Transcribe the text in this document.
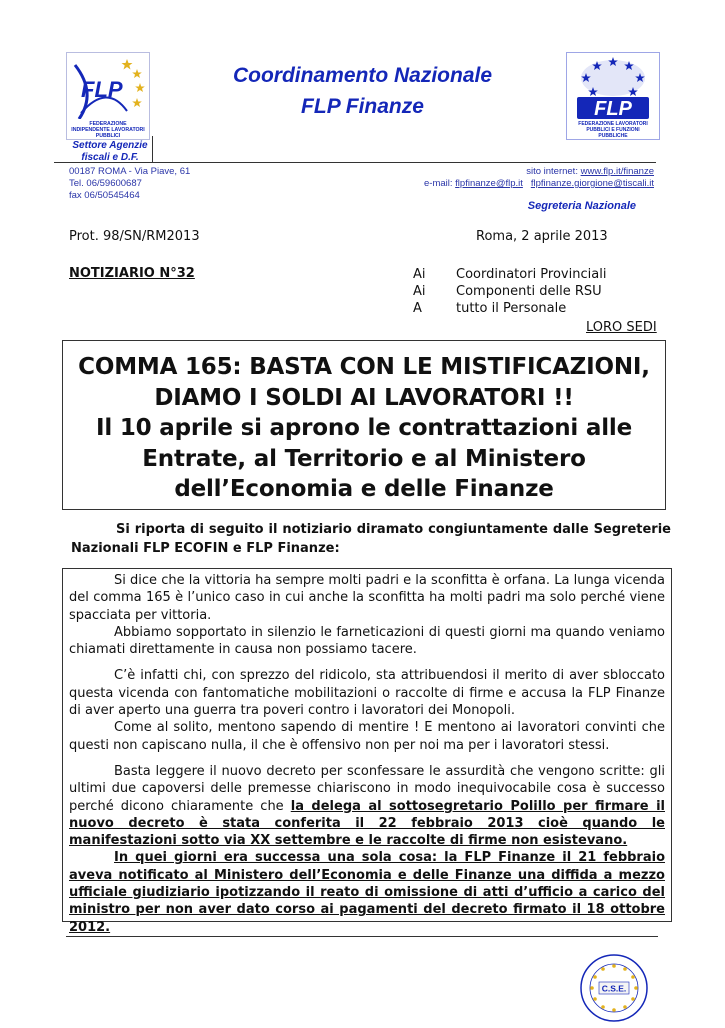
FLP
FEDERAZIONE INDIPENDENTE LAVORATORI PUBBLICI
Coordinamento Nazionale
FLP Finanze	FLP
FEDERAZIONE LAVORATORI PUBBLICI E FUNZIONI PUBBLICHE
Settore Agenzie
fiscali e D.F.
00187 ROMA - Via Piave, 61
Tel. 06/59600687
fax 06/50545464
sito internet: www.flp.it/finanze
e-mail: flpfinanze@flp.it flpfinanze.giorgione@tiscali.it
Segreteria Nazionale
Prot. 98/SN/RM2013	Roma, 2 aprile 2013
NOTIZIARIO N°32	Ai	Coordinatori Provinciali
Ai	Componenti delle RSU
A	tutto il Personale
LORO SEDI
COMMA 165: BASTA CON LE MISTIFICAZIONI,
DIAMO I SOLDI AI LAVORATORI !!
Il 10 aprile si aprono le contrattazioni alle
Entrate, al Territorio e al Ministero
dell’Economia e delle Finanze
Si riporta di seguito il notiziario diramato congiuntamente dalle Segreterie Nazionali FLP ECOFIN e FLP Finanze:

Si dice che la vittoria ha sempre molti padri e la sconfitta è orfana. La lunga vicenda del comma 165 è l’unico caso in cui anche la sconfitta ha molti padri ma solo perché viene spacciata per vittoria.

Abbiamo sopportato in silenzio le farneticazioni di questi giorni ma quando veniamo chiamati direttamente in causa non possiamo tacere.

C’è infatti chi, con sprezzo del ridicolo, sta attribuendosi il merito di aver sbloccato questa vicenda con fantomatiche mobilitazioni o raccolte di firme e accusa la FLP Finanze di aver aperto una guerra tra poveri contro i lavoratori dei Monopoli.

Come al solito, mentono sapendo di mentire ! E mentono ai lavoratori convinti che questi non capiscano nulla, il che è offensivo non per noi ma per i lavoratori stessi.

Basta leggere il nuovo decreto per sconfessare le assurdità che vengono scritte: gli ultimi due capoversi delle premesse chiariscono in modo inequivocabile cosa è successo perché dicono chiaramente che la delega al sottosegretario Polillo per firmare il nuovo decreto è stata conferita il 22 febbraio 2013 cioè quando le manifestazioni sotto via XX settembre e le raccolte di firme non esistevano.

In quei giorni era successa una sola cosa: la FLP Finanze il 21 febbraio aveva notificato al Ministero dell’Economia e delle Finanze una diffida a mezzo ufficiale giudiziario ipotizzando il reato di omissione di atti d’ufficio a carico del ministro per non aver dato corso ai pagamenti del decreto firmato il 18 ottobre 2012.

C.S.E.
